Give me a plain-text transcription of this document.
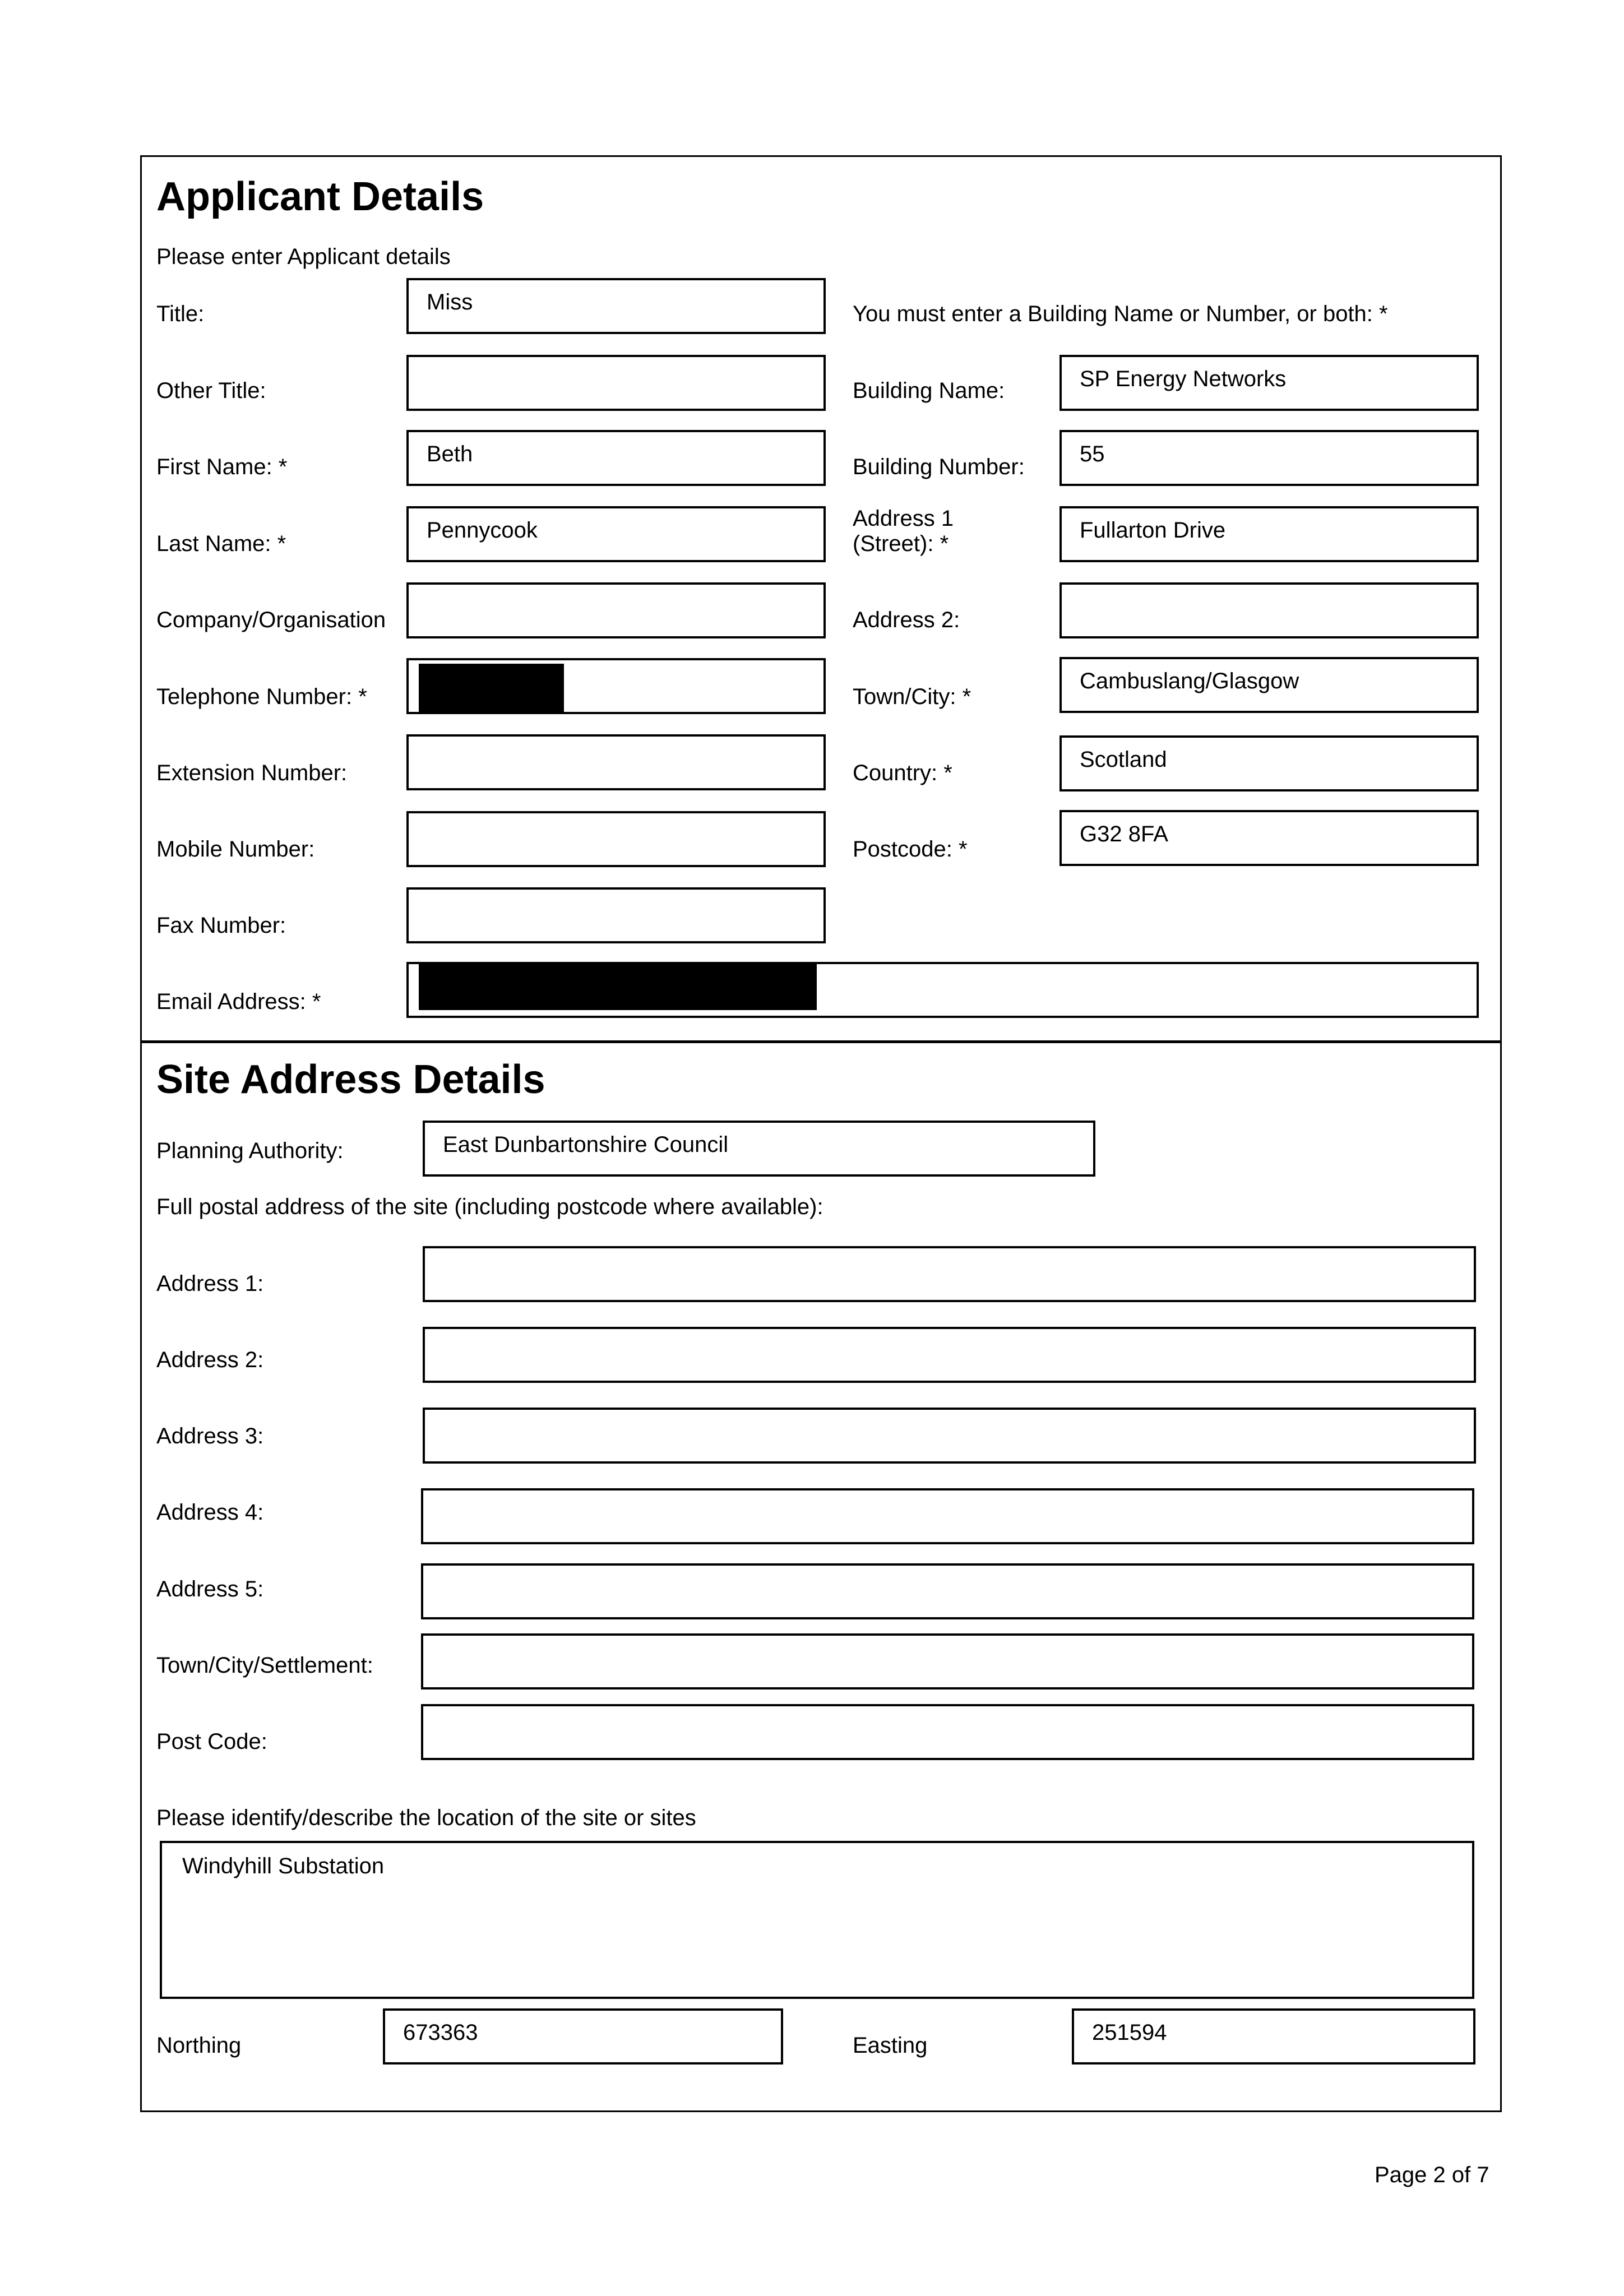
Applicant Details
Please enter Applicant details
Title:
Other Title:
First Name: *
Last Name: *
Company/Organisation
Telephone Number: *
Extension Number:
Mobile Number:
Fax Number:
Email Address: *
Miss
Beth
Pennycook
You must enter a Building Name or Number, or both: *
Building Name:
Building Number:
Address 1
(Street): *
Address 2:
Town/City: *
Country: *
Postcode: *
SP Energy Networks
55
Fullarton Drive
Cambuslang/Glasgow
Scotland
G32 8FA
Site Address Details
Planning Authority:	East Dunbartonshire Council
Full postal address of the site (including postcode where available):
Address 1:
Address 2:
Address 3:
Address 4:
Address 5:
Town/City/Settlement:
Post Code:
Please identify/describe the location of the site or sites
Windyhill Substation
Northing
673363
Easting
251594
Page 2 of 7
